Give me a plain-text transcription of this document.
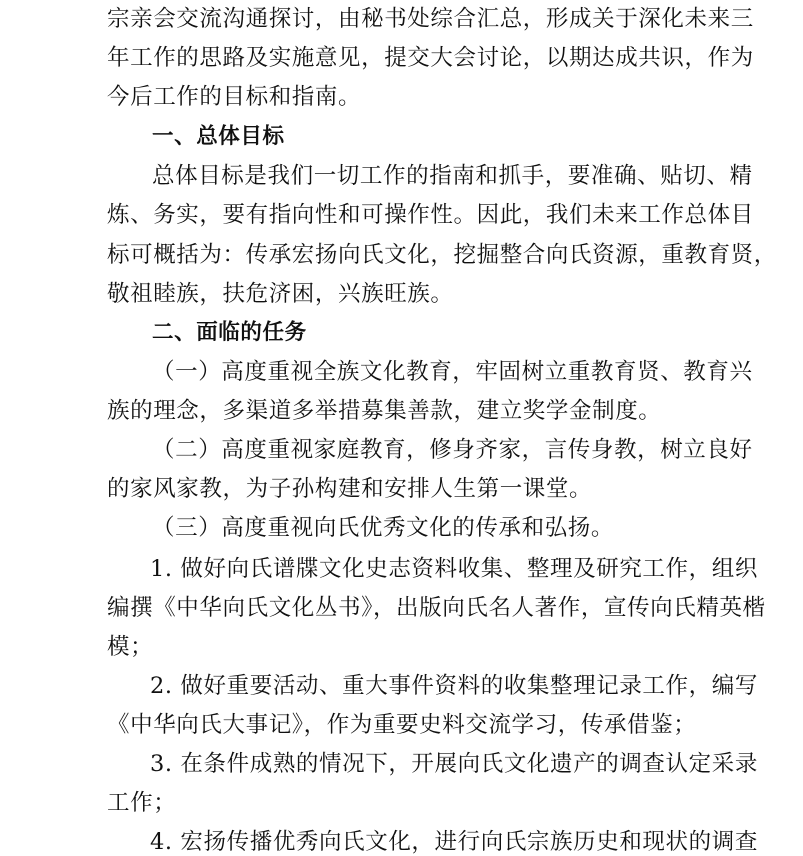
宗亲会交流沟通探讨，由秘书处综合汇总，形成关于深化未来三
年工作的思路及实施意见，提交大会讨论，以期达成共识，作为
今后工作的目标和指南。
一、总体目标
总体目标是我们一切工作的指南和抓手，要准确、贴切、精
炼、务实，要有指向性和可操作性。因此，我们未来工作总体目
标可概括为：传承宏扬向氏文化，挖掘整合向氏资源，重教育贤，
敬祖睦族，扶危济困，兴族旺族。
二、面临的任务
（一）高度重视全族文化教育，牢固树立重教育贤、教育兴
族的理念，多渠道多举措募集善款，建立奖学金制度。
（二）高度重视家庭教育，修身齐家，言传身教，树立良好
的家风家教，为子孙构建和安排人生第一课堂。
（三）高度重视向氏优秀文化的传承和弘扬。
1. 做好向氏谱牒文化史志资料收集、整理及研究工作，组织
编撰《中华向氏文化丛书》，出版向氏名人著作，宣传向氏精英楷
模；
2. 做好重要活动、重大事件资料的收集整理记录工作，编写
《中华向氏大事记》，作为重要史料交流学习，传承借鉴；
3. 在条件成熟的情况下，开展向氏文化遗产的调查认定采录
工作；
4. 宏扬传播优秀向氏文化，进行向氏宗族历史和现状的调查
